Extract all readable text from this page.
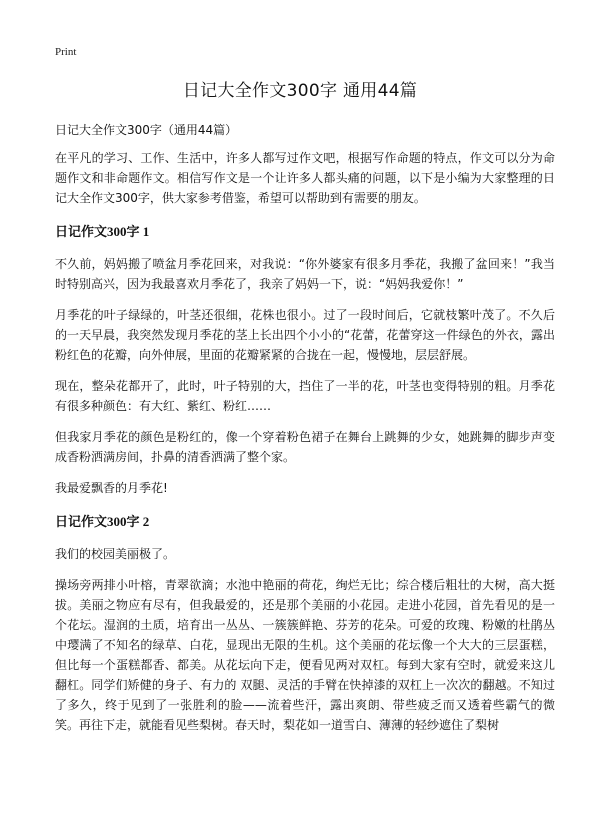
Print
日记大全作文300字 通用44篇
日记大全作文300字（通用44篇）

在平凡的学习、工作、生活中，许多人都写过作文吧，根据写作命题的特点，作文可以分为命题作文和非命题作文。相信写作文是一个让许多人都头痛的问题，以下是小编为大家整理的日记大全作文300字，供大家参考借鉴，希望可以帮助到有需要的朋友。

日记作文300字 1

不久前，妈妈搬了喷盆月季花回来，对我说：“你外婆家有很多月季花，我搬了盆回来！”我当时特别高兴，因为我最喜欢月季花了，我亲了妈妈一下，说：“妈妈我爱你！”

月季花的叶子绿绿的，叶茎还很细，花株也很小。过了一段时间后，它就枝繁叶茂了。不久后的一天早晨，我突然发现月季花的茎上长出四个小小的“花蕾，花蕾穿这一件绿色的外衣，露出粉红色的花瓣，向外伸展，里面的花瓣紧紧的合拢在一起，慢慢地，层层舒展。

现在，整朵花都开了，此时，叶子特别的大，挡住了一半的花，叶茎也变得特别的粗。月季花有很多种颜色：有大红、紫红、粉红……

但我家月季花的颜色是粉红的，像一个穿着粉色裙子在舞台上跳舞的少女，她跳舞的脚步声变成香粉洒满房间，扑鼻的清香洒满了整个家。

我最爱飘香的月季花!

日记作文300字 2

我们的校园美丽极了。

操场旁两排小叶榕，青翠欲滴；水池中艳丽的荷花，绚烂无比；综合楼后粗壮的大树，高大挺拔。美丽之物应有尽有，但我最爱的，还是那个美丽的小花园。走进小花园，首先看见的是一个花坛。湿润的土质，培育出一丛丛、一簇簇鲜艳、芬芳的花朵。可爱的玫瑰、粉嫩的杜鹃丛中璎满了不知名的绿草、白花，显现出无限的生机。这个美丽的花坛像一个大大的三层蛋糕，但比每一个蛋糕都香、都美。从花坛向下走，便看见两对双杠。每到大家有空时，就爱来这儿翻杠。同学们矫健的身子、有力的 双腿、灵活的手臂在快掉漆的双杠上一次次的翻越。不知过了多久，终于见到了一张胜利的脸——流着些汗，露出爽朗、带些疲乏而又透着些霸气的微笑。再往下走，就能看见些梨树。春天时，梨花如一道雪白、薄薄的轻纱遮住了梨树
